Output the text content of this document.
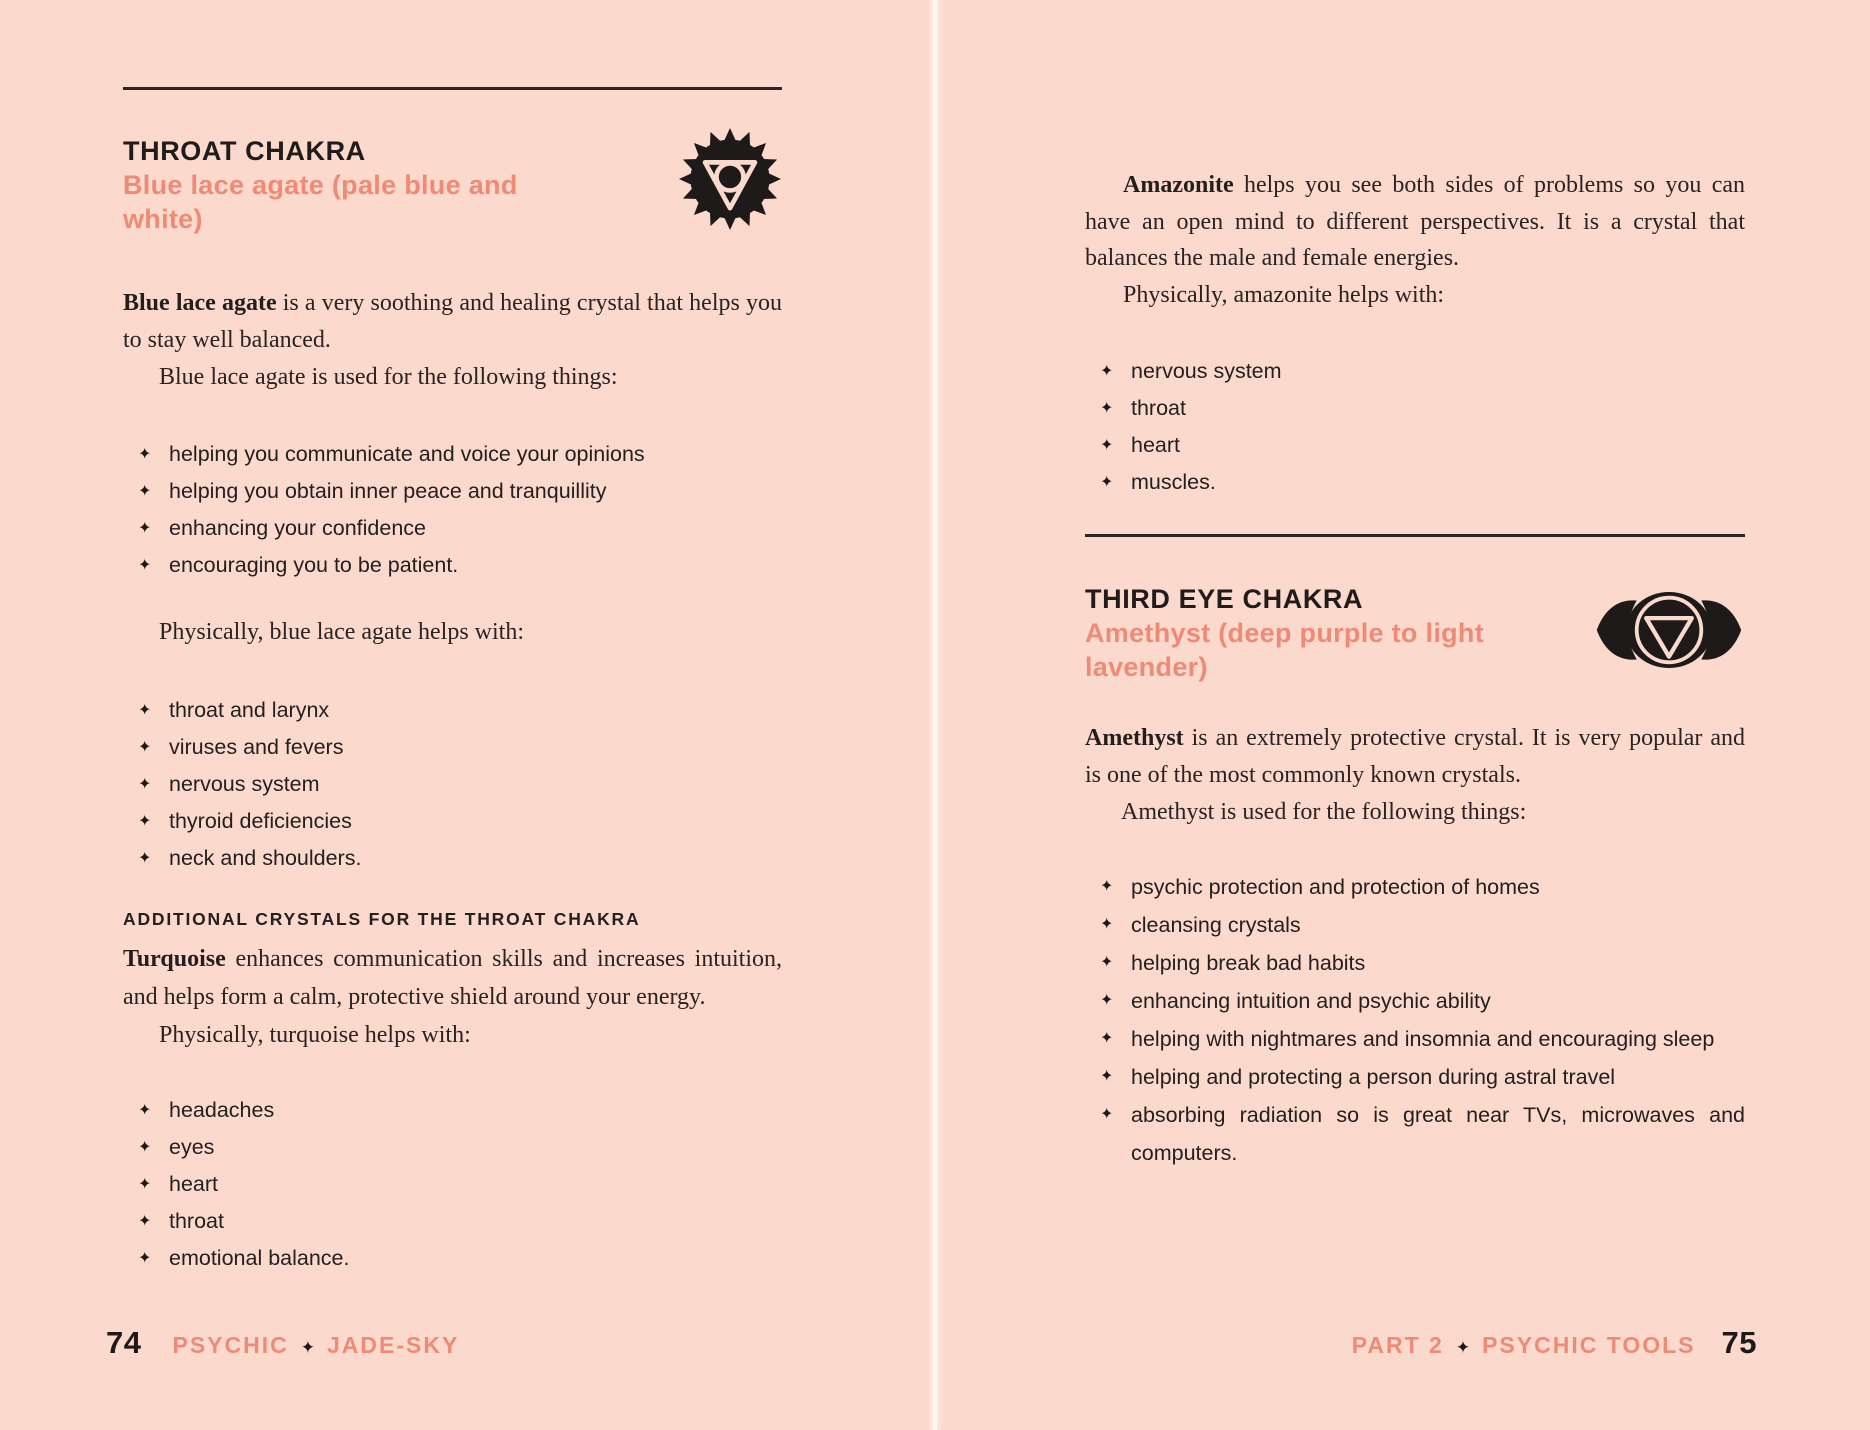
THROAT CHAKRA
Blue lace agate (pale blue and white)

Blue lace agate is a very soothing and healing crystal that helps you to stay well balanced.

Blue lace agate is used for the following things:

✦ helping you communicate and voice your opinions
✦ helping you obtain inner peace and tranquillity
✦ enhancing your confidence
✦ encouraging you to be patient.

Physically, blue lace agate helps with:

✦ throat and larynx
✦ viruses and fevers
✦ nervous system
✦ thyroid deficiencies
✦ neck and shoulders.
ADDITIONAL CRYSTALS FOR THE THROAT CHAKRA

Turquoise enhances communication skills and increases intuition, and helps form a calm, protective shield around your energy.

Physically, turquoise helps with:

✦ headaches
✦ eyes
✦ heart
✦ throat
✦ emotional balance.
74 PSYCHIC ✦ JADE-SKY

Amazonite helps you see both sides of problems so you can have an open mind to different perspectives. It is a crystal that balances the male and female energies.

Physically, amazonite helps with:

✦ nervous system
✦ throat
✦ heart
✦ muscles.
THIRD EYE CHAKRA
Amethyst (deep purple to light lavender)

Amethyst is an extremely protective crystal. It is very popular and is one of the most commonly known crystals.

Amethyst is used for the following things:

✦ psychic protection and protection of homes
✦ cleansing crystals
✦ helping break bad habits
✦ enhancing intuition and psychic ability
✦ helping with nightmares and insomnia and encouraging sleep
✦ helping and protecting a person during astral travel
✦ absorbing radiation so is great near TVs, microwaves and computers.
PART 2 ✦ PSYCHIC TOOLS 75
